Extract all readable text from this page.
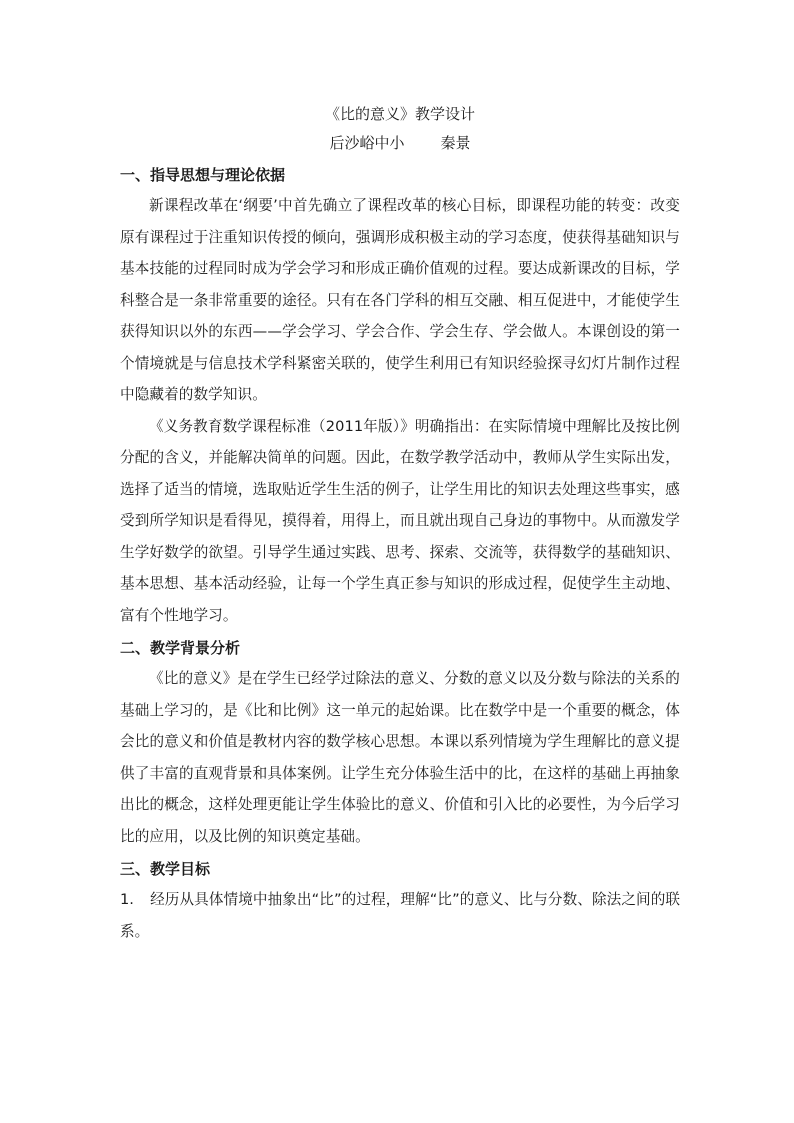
《比的意义》教学设计
后沙峪中小 秦景
一、指导思想与理论依据

新课程改革在‘纲要’中首先确立了课程改革的核心目标，即课程功能的转变：改变原有课程过于注重知识传授的倾向，强调形成积极主动的学习态度，使获得基础知识与基本技能的过程同时成为学会学习和形成正确价值观的过程。要达成新课改的目标，学科整合是一条非常重要的途径。只有在各门学科的相互交融、相互促进中，才能使学生获得知识以外的东西——学会学习、学会合作、学会生存、学会做人。本课创设的第一个情境就是与信息技术学科紧密关联的，使学生利用已有知识经验探寻幻灯片制作过程中隐藏着的数学知识。

《义务教育数学课程标准（2011年版）》明确指出：在实际情境中理解比及按比例分配的含义，并能解决简单的问题。因此，在数学教学活动中，教师从学生实际出发，选择了适当的情境，选取贴近学生生活的例子，让学生用比的知识去处理这些事实，感受到所学知识是看得见，摸得着，用得上，而且就出现自己身边的事物中。从而激发学生学好数学的欲望。引导学生通过实践、思考、探索、交流等，获得数学的基础知识、基本思想、基本活动经验，让每一个学生真正参与知识的形成过程，促使学生主动地、富有个性地学习。

二、教学背景分析

《比的意义》是在学生已经学过除法的意义、分数的意义以及分数与除法的关系的基础上学习的，是《比和比例》这一单元的起始课。比在数学中是一个重要的概念，体会比的意义和价值是教材内容的数学核心思想。本课以系列情境为学生理解比的意义提供了丰富的直观背景和具体案例。让学生充分体验生活中的比，在这样的基础上再抽象出比的概念，这样处理更能让学生体验比的意义、价值和引入比的必要性，为今后学习比的应用，以及比例的知识奠定基础。

三、教学目标

1. 经历从具体情境中抽象出“比”的过程，理解“比”的意义、比与分数、除法之间的联系。
